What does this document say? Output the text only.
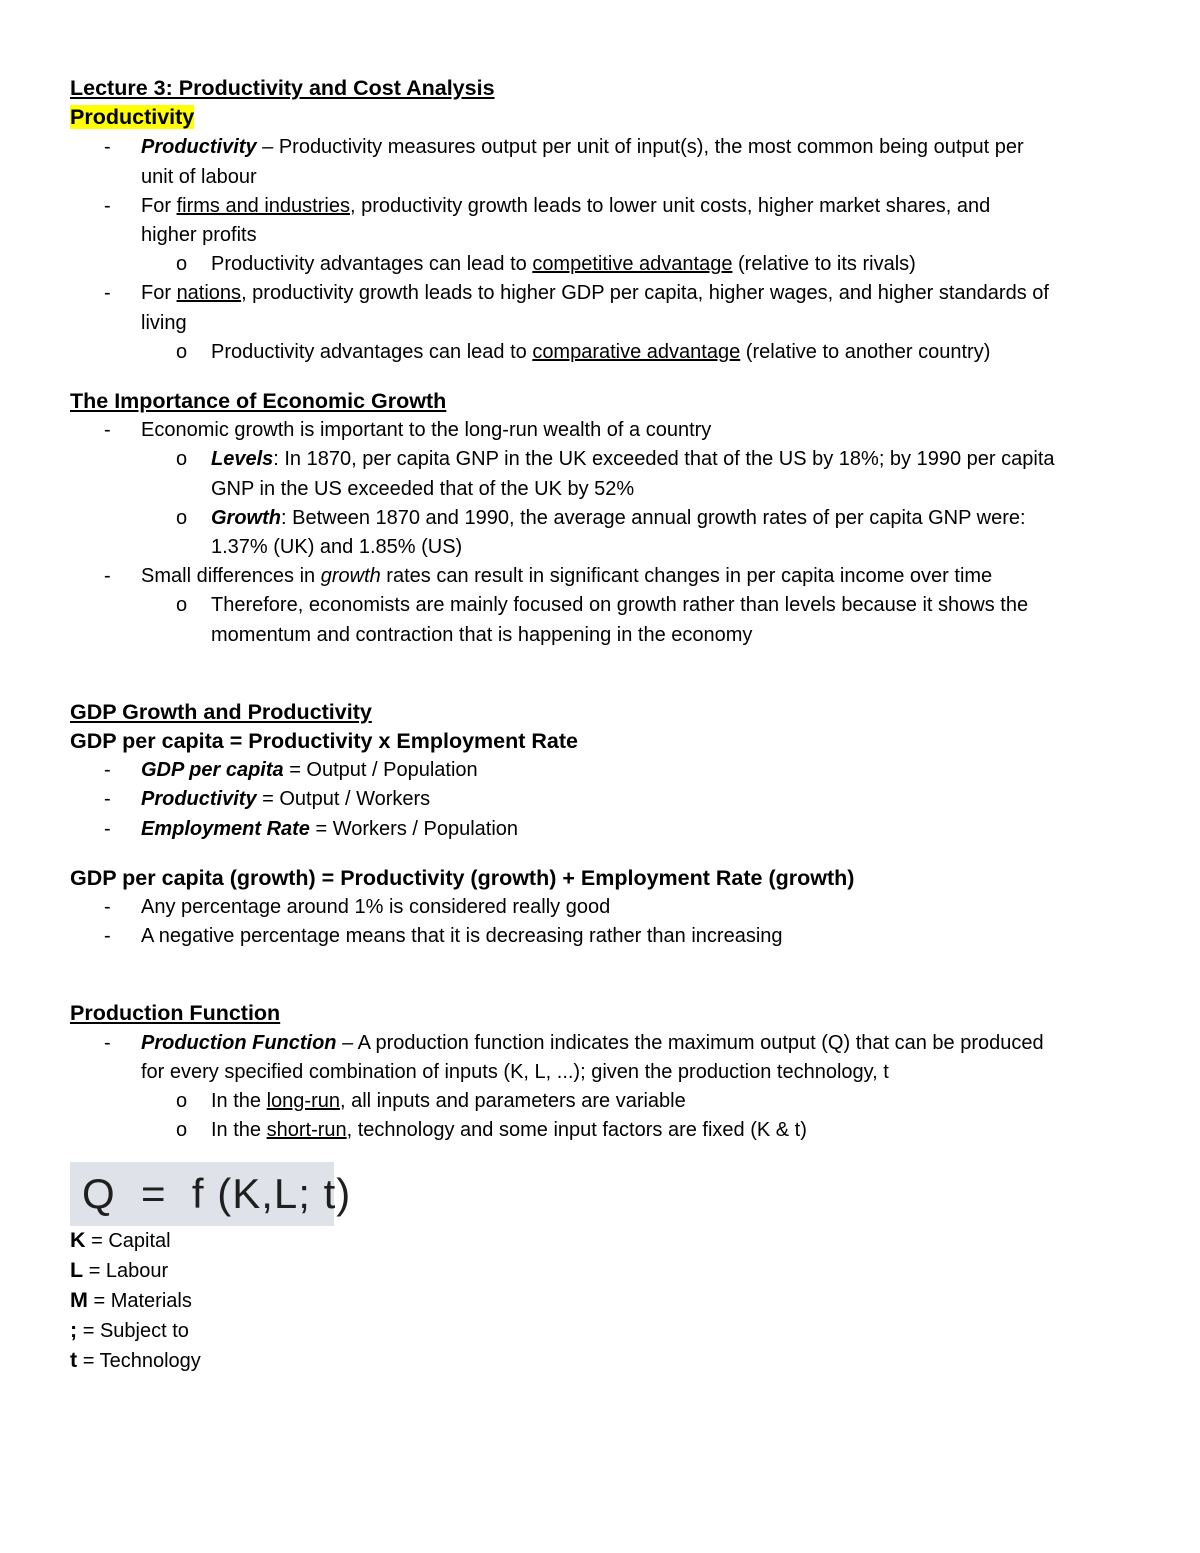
Lecture 3: Productivity and Cost Analysis
Productivity
- Productivity – Productivity measures output per unit of input(s), the most common being output per
unit of labour
- For firms and industries, productivity growth leads to lower unit costs, higher market shares, and
higher profits
o Productivity advantages can lead to competitive advantage (relative to its rivals)
- For nations, productivity growth leads to higher GDP per capita, higher wages, and higher standards of
living
o Productivity advantages can lead to comparative advantage (relative to another country)
The Importance of Economic Growth
- Economic growth is important to the long-run wealth of a country
o Levels: In 1870, per capita GNP in the UK exceeded that of the US by 18%; by 1990 per capita
GNP in the US exceeded that of the UK by 52%
o Growth: Between 1870 and 1990, the average annual growth rates of per capita GNP were:
1.37% (UK) and 1.85% (US)
- Small differences in growth rates can result in significant changes in per capita income over time
o Therefore, economists are mainly focused on growth rather than levels because it shows the
momentum and contraction that is happening in the economy
GDP Growth and Productivity
GDP per capita = Productivity x Employment Rate
- GDP per capita = Output / Population
- Productivity = Output / Workers
- Employment Rate = Workers / Population
GDP per capita (growth) = Productivity (growth) + Employment Rate (growth)
- Any percentage around 1% is considered really good
- A negative percentage means that it is decreasing rather than increasing
Production Function
- Production Function – A production function indicates the maximum output (Q) that can be produced
for every specified combination of inputs (K, L, ...); given the production technology, t
o In the long-run, all inputs and parameters are variable
o In the short-run, technology and some input factors are fixed (K & t)
Q  =  f (K,L; t)
K = Capital
L = Labour
M = Materials
; = Subject to
t = Technology
